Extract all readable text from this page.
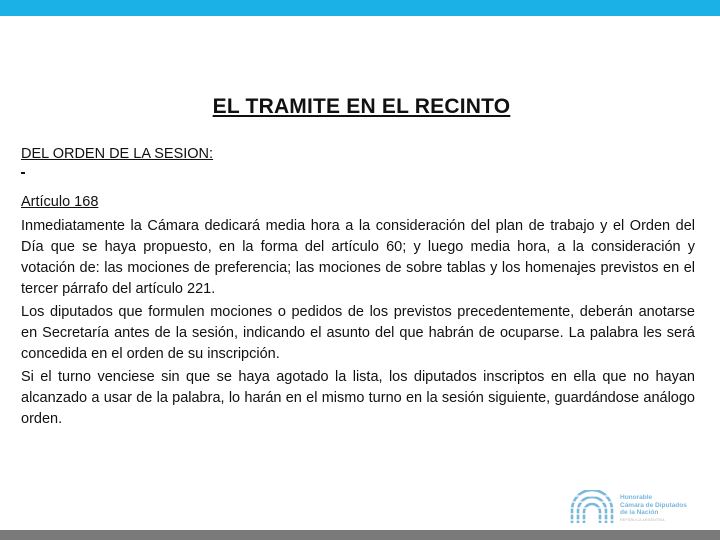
EL TRAMITE EN EL RECINTO
DEL ORDEN DE LA SESION:
Artículo 168

Inmediatamente la Cámara dedicará media hora a la consideración del plan de trabajo y el Orden del Día que se haya propuesto, en la forma del artículo 60; y luego media hora, a la consideración y votación de: las mociones de preferencia; las mociones de sobre tablas y los homenajes previstos en el tercer párrafo del artículo 221.

Los diputados que formulen mociones o pedidos de los previstos precedentemente, deberán anotarse en Secretaría antes de la sesión, indicando el asunto del que habrán de ocuparse. La palabra les será concedida en el orden de su inscripción.

Si el turno venciese sin que se haya agotado la lista, los diputados inscriptos en ella que no hayan alcanzado a usar de la palabra, lo harán en el mismo turno en la sesión siguiente, guardándose análogo orden.

Honorable
Cámara de Diputados
de la Nación
REPÚBLICA ARGENTINA
